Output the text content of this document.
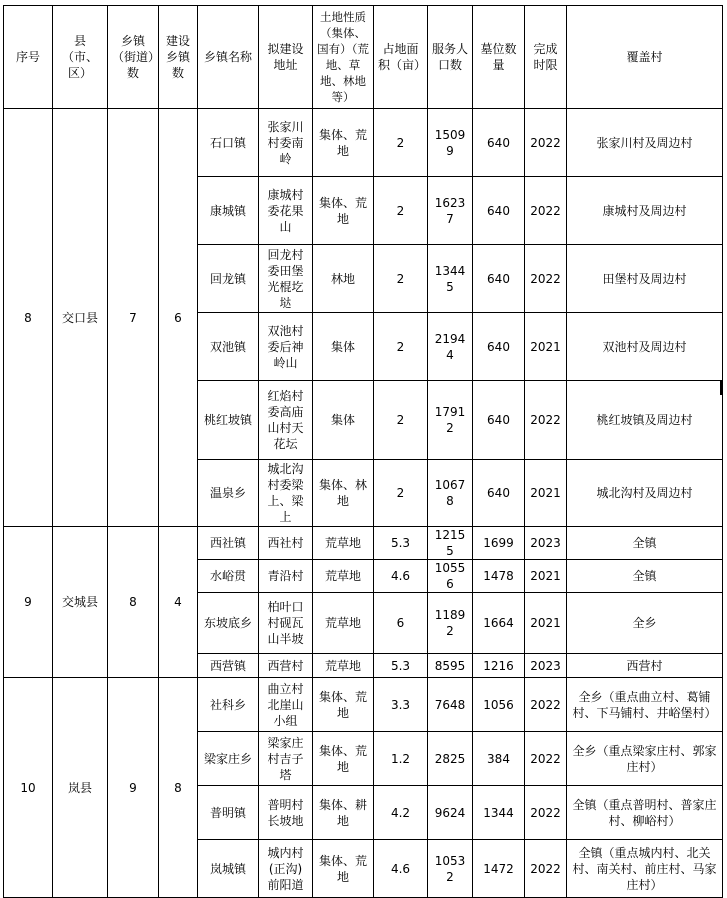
序号	县（市、区）	乡镇（街道）数	建设乡镇数	乡镇名称	拟建设地址	土地性质（集体、国有）（荒地、草地、林地等）	占地面积（亩）	服务人口数	墓位数量	完成时限	覆盖村
8	交口县	7	6	石口镇	张家川村委南岭	集体、荒地	2	15099	640	2022	张家川村及周边村
				康城镇	康城村委花果山	集体、荒地	2	16237	640	2022	康城村及周边村
				回龙镇	回龙村委田堡光棍圪垯	林地	2	13445	640	2022	田堡村及周边村
				双池镇	双池村委后神岭山	集体	2	21944	640	2021	双池村及周边村
				桃红坡镇	红焰村委高庙山村天花坛	集体	2	17912	640	2022	桃红坡镇及周边村
				温泉乡	城北沟村委梁上、梁上	集体、林地	2	10678	640	2021	城北沟村及周边村
9	交城县	8	4	西社镇	西社村	荒草地	5.3	12155	1699	2023	全镇
				水峪贯	青沿村	荒草地	4.6	10556	1478	2021	全镇
				东坡底乡	柏叶口村砚瓦山半坡	荒草地	6	11892	1664	2021	全乡
				西营镇	西营村	荒草地	5.3	8595	1216	2023	西营村
10	岚县	9	8	社科乡	曲立村北崖山小组	集体、荒地	3.3	7648	1056	2022	全乡（重点曲立村、葛铺村、下马铺村、井峪堡村）
				梁家庄乡	梁家庄村吉子塔	集体、荒地	1.2	2825	384	2022	全乡（重点梁家庄村、郭家庄村）
				普明镇	普明村长坡地	集体、耕地	4.2	9624	1344	2022	全镇（重点普明村、普家庄村、柳峪村）
				岚城镇	城内村(正沟)前阳道	集体、荒地	4.6	10532	1472	2022	全镇（重点城内村、北关村、南关村、前庄村、马家庄村）
